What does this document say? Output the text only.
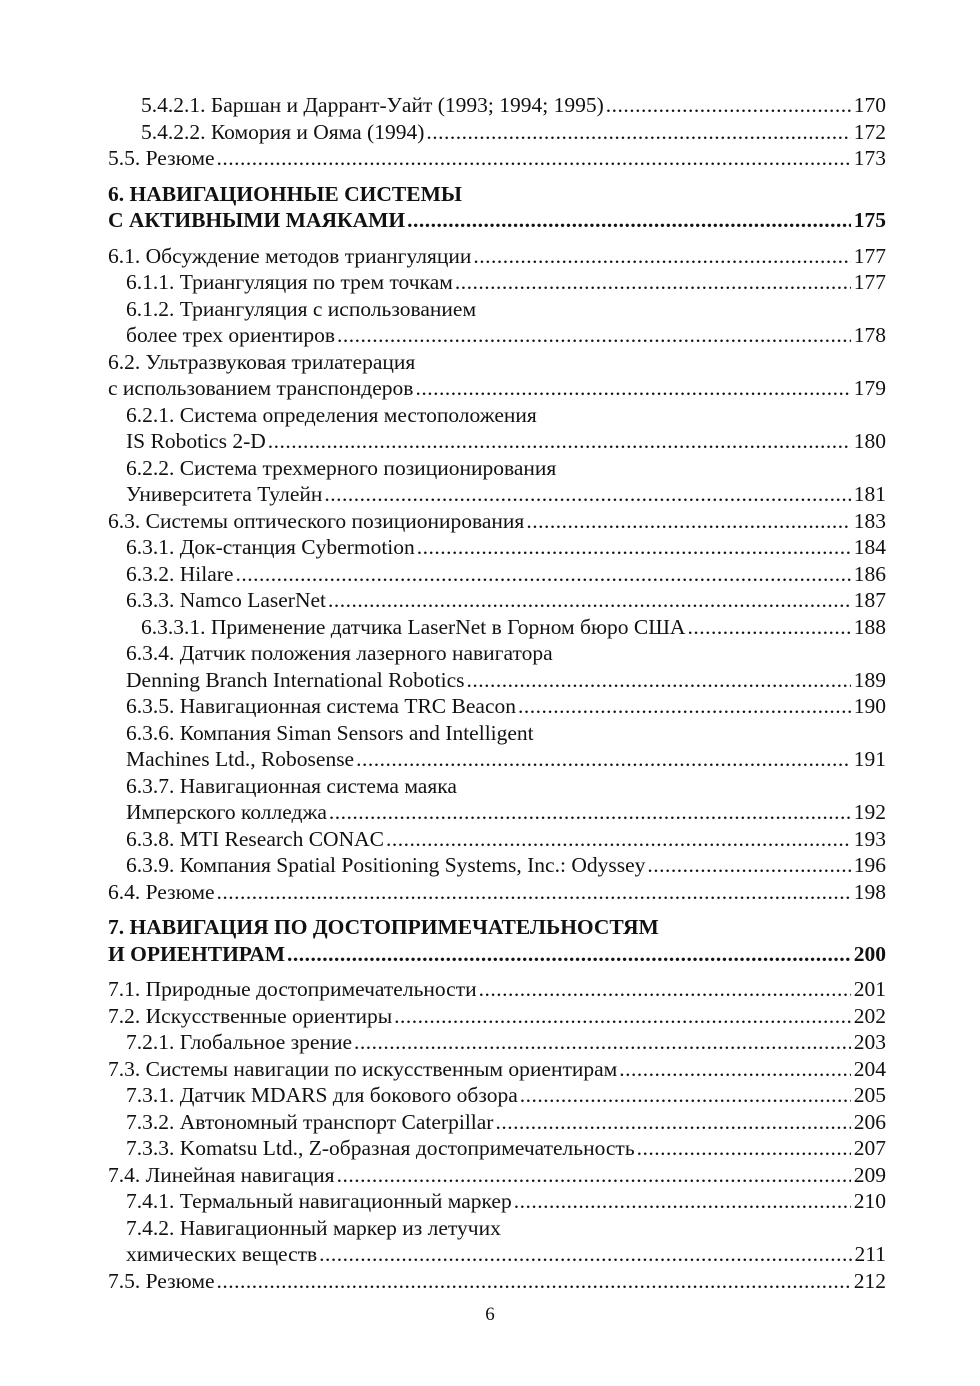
5.4.2.1. Баршан и Даррант-Уайт (1993; 1994; 1995) .....	170
5.4.2.2. Комория и Ояма (1994) .....	172
5.5. Резюме .....	173
6. НАВИГАЦИОННЫЕ СИСТЕМЫ
С АКТИВНЫМИ МАЯКАМИ .....	175
6.1. Обсуждение методов триангуляции .....	177
6.1.1. Триангуляция по трем точкам .....	177
6.1.2. Триангуляция с использованием
более трех ориентиров .....	178
6.2. Ультразвуковая трилатерация
с использованием транспондеров .....	179
6.2.1. Система определения местоположения
IS Robotics 2-D .....	180
6.2.2. Система трехмерного позиционирования
Университета Тулейн .....	181
6.3. Системы оптического позиционирования .....	183
6.3.1. Док-станция Cybermotion .....	184
6.3.2. Hilare .....	186
6.3.3. Namco LaserNet .....	187
6.3.3.1. Применение датчика LaserNet в Горном бюро США .....	188
6.3.4. Датчик положения лазерного навигатора
Denning Branch International Robotics .....	189
6.3.5. Навигационная система TRC Beacon .....	190
6.3.6. Компания Siman Sensors and Intelligent
Machines Ltd., Robosense .....	191
6.3.7. Навигационная система маяка
Имперского колледжа .....	192
6.3.8. MTI Research CONAC .....	193
6.3.9. Компания Spatial Positioning Systems, Inc.: Odyssey .....	196
6.4. Резюме .....	198
7. НАВИГАЦИЯ ПО ДОСТОПРИМЕЧАТЕЛЬНОСТЯМ
И ОРИЕНТИРАМ .....	200
7.1. Природные достопримечательности .....	201
7.2. Искусственные ориентиры .....	202
7.2.1. Глобальное зрение .....	203
7.3. Системы навигации по искусственным ориентирам .....	204
7.3.1. Датчик MDARS для бокового обзора .....	205
7.3.2. Автономный транспорт Caterpillar .....	206
7.3.3. Komatsu Ltd., Z-образная достопримечательность .....	207
7.4. Линейная навигация .....	209
7.4.1. Термальный навигационный маркер .....	210
7.4.2. Навигационный маркер из летучих
химических веществ .....	211
7.5. Резюме .....	212
6
